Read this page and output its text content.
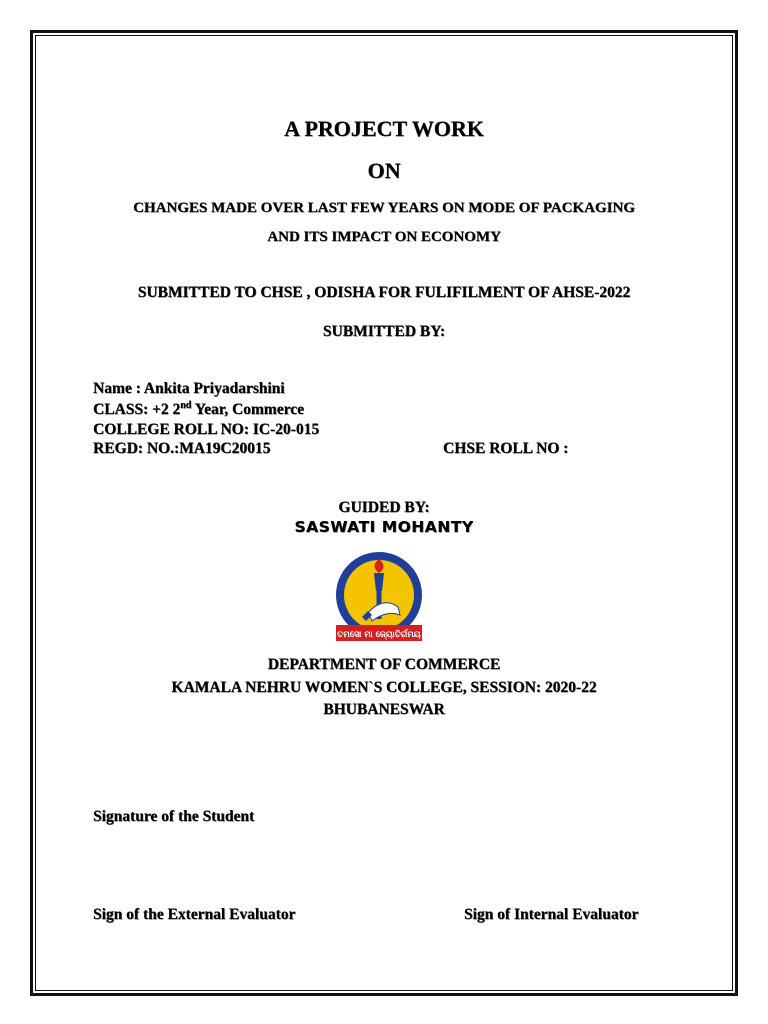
A PROJECT WORK
ON
CHANGES MADE OVER LAST FEW YEARS ON MODE OF PACKAGING
AND ITS IMPACT ON ECONOMY
SUBMITTED TO CHSE , ODISHA FOR FULIFILMENT OF AHSE-2022
SUBMITTED BY:
Name : Ankita Priyadarshini
CLASS: +2 2nd Year, Commerce
COLLEGE ROLL NO: IC-20-015
REGD: NO.:MA19C20015	CHSE ROLL NO :
GUIDED BY:
SASWATI MOHANTY
ତମସୋ ମା ଜ୍ୟୋତିର୍ଗମୟ
DEPARTMENT OF COMMERCE
KAMALA NEHRU WOMEN`S COLLEGE, SESSION: 2020-22
BHUBANESWAR
Signature of the Student
Sign of the External Evaluator	Sign of Internal Evaluator
